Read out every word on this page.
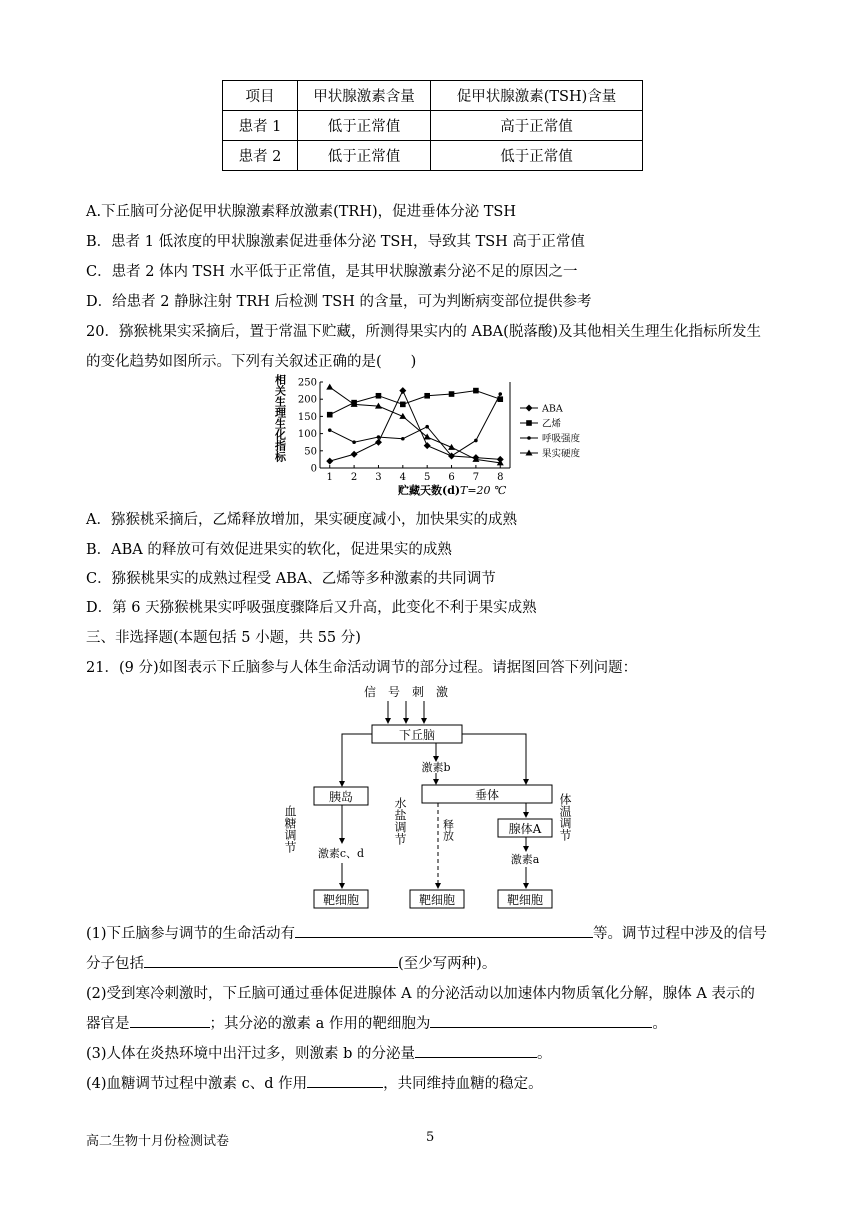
项目	甲状腺激素含量	促甲状腺激素(TSH)含量
患者 1	低于正常值	高于正常值
患者 2	低于正常值	低于正常值
A.下丘脑可分泌促甲状腺激素释放激素(TRH)，促进垂体分泌 TSH
B．患者 1 低浓度的甲状腺激素促进垂体分泌 TSH，导致其 TSH 高于正常值
C．患者 2 体内 TSH 水平低于正常值，是其甲状腺激素分泌不足的原因之一
D．给患者 2 静脉注射 TRH 后检测 TSH 的含量，可为判断病变部位提供参考
20．猕猴桃果实采摘后，置于常温下贮藏，所测得果实内的 ABA(脱落酸)及其他相关生理生化指标所发生
的变化趋势如图所示。下列有关叙述正确的是(　　)
相关生理生化指标
贮藏天数(d) T=20 ℃
0
50
100
150
200
250
1 2 3 4 5 6 7 8
ABA
乙烯
呼吸强度
果实硬度
A．猕猴桃采摘后，乙烯释放增加，果实硬度减小，加快果实的成熟
B．ABA 的释放可有效促进果实的软化，促进果实的成熟
C．猕猴桃果实的成熟过程受 ABA、乙烯等多种激素的共同调节
D．第 6 天猕猴桃果实呼吸强度骤降后又升高，此变化不利于果实成熟
三、非选择题(本题包括 5 小题，共 55 分)
21．(9 分)如图表示下丘脑参与人体生命活动调节的部分过程。请据图回答下列问题：
信　号　刺　激
下丘脑
激素b
胰岛	垂体
腺体A
激素c、d	激素a
靶细胞	靶细胞	靶细胞
血糖调节	水盐调节	释放	体温调节
(1)下丘脑参与调节的生命活动有	等。调节过程中涉及的信号
分子包括	(至少写两种)。
(2)受到寒冷刺激时，下丘脑可通过垂体促进腺体 A 的分泌活动以加速体内物质氧化分解，腺体 A 表示的
器官是	；其分泌的激素 a 作用的靶细胞为	。
(3)人体在炎热环境中出汗过多，则激素 b 的分泌量	。
(4)血糖调节过程中激素 c、d 作用	，共同维持血糖的稳定。
高二生物十月份检测试卷	5
